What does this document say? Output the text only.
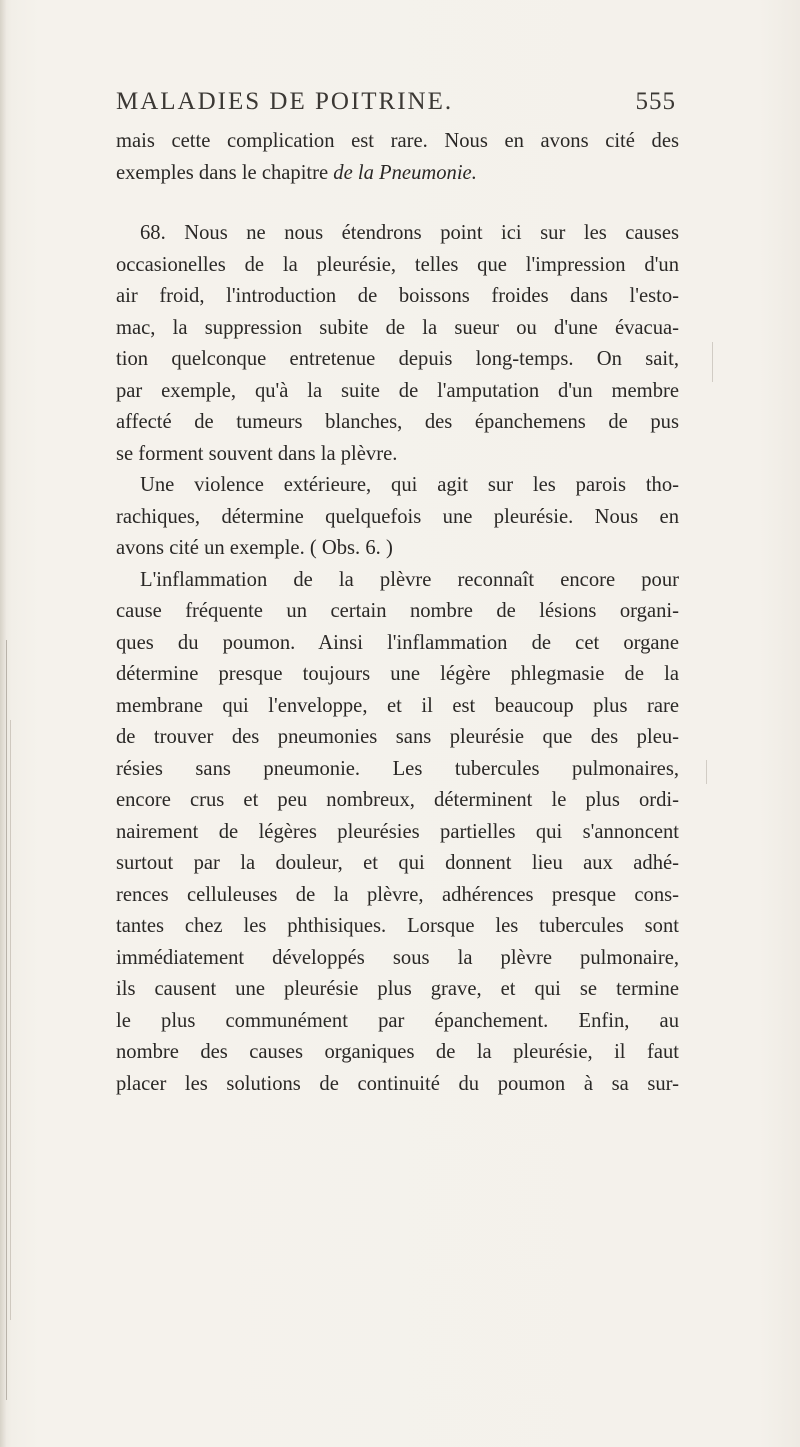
MALADIES DE POITRINE.	555
mais cette complication est rare. Nous en avons cité des
exemples dans le chapitre de la Pneumonie.
68. Nous ne nous étendrons point ici sur les causes
occasionelles de la pleurésie, telles que l'impression d'un
air froid, l'introduction de boissons froides dans l'esto-
mac, la suppression subite de la sueur ou d'une évacua-
tion quelconque entretenue depuis long-temps. On sait,
par exemple, qu'à la suite de l'amputation d'un membre
affecté de tumeurs blanches, des épanchemens de pus
se forment souvent dans la plèvre.
Une violence extérieure, qui agit sur les parois tho-
rachiques, détermine quelquefois une pleurésie. Nous en
avons cité un exemple. ( Obs. 6. )
L'inflammation de la plèvre reconnaît encore pour
cause fréquente un certain nombre de lésions organi-
ques du poumon. Ainsi l'inflammation de cet organe
détermine presque toujours une légère phlegmasie de la
membrane qui l'enveloppe, et il est beaucoup plus rare
de trouver des pneumonies sans pleurésie que des pleu-
résies sans pneumonie. Les tubercules pulmonaires,
encore crus et peu nombreux, déterminent le plus ordi-
nairement de légères pleurésies partielles qui s'annoncent
surtout par la douleur, et qui donnent lieu aux adhé-
rences celluleuses de la plèvre, adhérences presque cons-
tantes chez les phthisiques. Lorsque les tubercules sont
immédiatement développés sous la plèvre pulmonaire,
ils causent une pleurésie plus grave, et qui se termine
le plus communément par épanchement. Enfin, au
nombre des causes organiques de la pleurésie, il faut
placer les solutions de continuité du poumon à sa sur-
